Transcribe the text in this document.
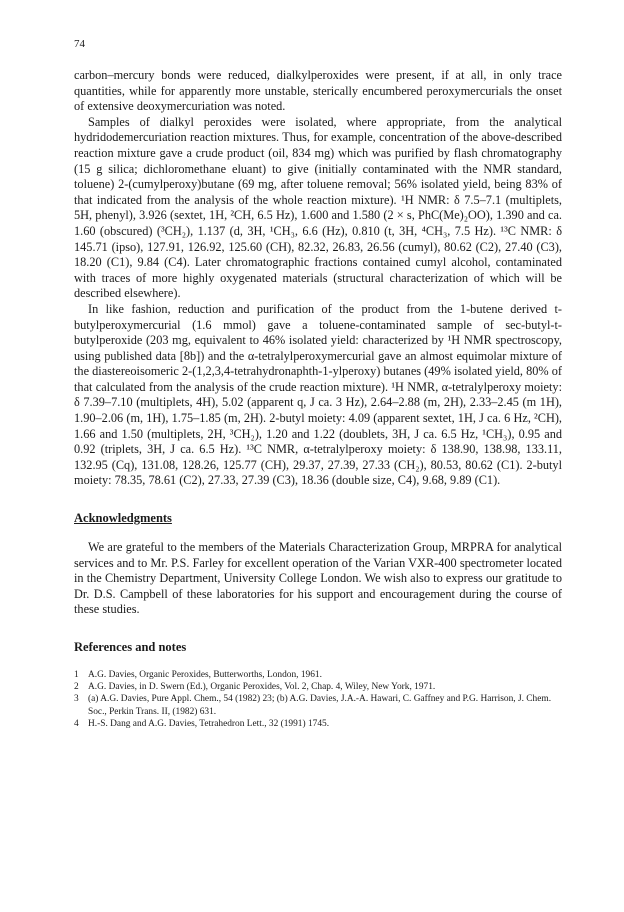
74

carbon–mercury bonds were reduced, dialkylperoxides were present, if at all, in only trace quantities, while for apparently more unstable, sterically encumbered peroxymercurials the onset of extensive deoxymercuriation was noted.

Samples of dialkyl peroxides were isolated, where appropriate, from the analytical hydridodemercuriation reaction mixtures. Thus, for example, concentration of the above-described reaction mixture gave a crude product (oil, 834 mg) which was purified by flash chromatography (15 g silica; dichloromethane eluant) to give (initially contaminated with the NMR standard, toluene) 2-(cumylperoxy)butane (69 mg, after toluene removal; 56% isolated yield, being 83% of that indicated from the analysis of the whole reaction mixture). ¹H NMR: δ 7.5–7.1 (multiplets, 5H, phenyl), 3.926 (sextet, 1H, ²CH, 6.5 Hz), 1.600 and 1.580 (2 × s, PhC(Me)₂OO), 1.390 and ca. 1.60 (obscured) (³CH₂), 1.137 (d, 3H, ¹CH₃, 6.6 (Hz), 0.810 (t, 3H, ⁴CH₃, 7.5 Hz). ¹³C NMR: δ 145.71 (ipso), 127.91, 126.92, 125.60 (CH), 82.32, 26.83, 26.56 (cumyl), 80.62 (C2), 27.40 (C3), 18.20 (C1), 9.84 (C4). Later chromatographic fractions contained cumyl alcohol, contaminated with traces of more highly oxygenated materials (structural characterization of which will be described elsewhere).

In like fashion, reduction and purification of the product from the 1-butene derived t-butylperoxymercurial (1.6 mmol) gave a toluene-contaminated sample of sec-butyl-t-butylperoxide (203 mg, equivalent to 46% isolated yield: characterized by ¹H NMR spectroscopy, using published data [8b]) and the α-tetralylperoxymercurial gave an almost equimolar mixture of the diastereoisomeric 2-(1,2,3,4-tetrahydronaphth-1-ylperoxy) butanes (49% isolated yield, 80% of that calculated from the analysis of the crude reaction mixture). ¹H NMR, α-tetralylperoxy moiety: δ 7.39–7.10 (multiplets, 4H), 5.02 (apparent q, J ca. 3 Hz), 2.64–2.88 (m, 2H), 2.33–2.45 (m 1H), 1.90–2.06 (m, 1H), 1.75–1.85 (m, 2H). 2-butyl moiety: 4.09 (apparent sextet, 1H, J ca. 6 Hz, ²CH), 1.66 and 1.50 (multiplets, 2H, ³CH₂), 1.20 and 1.22 (doublets, 3H, J ca. 6.5 Hz, ¹CH₃), 0.95 and 0.92 (triplets, 3H, J ca. 6.5 Hz). ¹³C NMR, α-tetralylperoxy moiety: δ 138.90, 138.98, 133.11, 132.95 (Cq), 131.08, 128.26, 125.77 (CH), 29.37, 27.39, 27.33 (CH₂), 80.53, 80.62 (C1). 2-butyl moiety: 78.35, 78.61 (C2), 27.33, 27.39 (C3), 18.36 (double size, C4), 9.68, 9.89 (C1).

Acknowledgments

We are grateful to the members of the Materials Characterization Group, MRPRA for analytical services and to Mr. P.S. Farley for excellent operation of the Varian VXR-400 spectrometer located in the Chemistry Department, University College London. We wish also to express our gratitude to Dr. D.S. Campbell of these laboratories for his support and encouragement during the course of these studies.

References and notes
1 A.G. Davies, Organic Peroxides, Butterworths, London, 1961.
2 A.G. Davies, in D. Swern (Ed.), Organic Peroxides, Vol. 2, Chap. 4, Wiley, New York, 1971.
3 (a) A.G. Davies, Pure Appl. Chem., 54 (1982) 23; (b) A.G. Davies, J.A.-A. Hawari, C. Gaffney and P.G. Harrison, J. Chem. Soc., Perkin Trans. II, (1982) 631.
4 H.-S. Dang and A.G. Davies, Tetrahedron Lett., 32 (1991) 1745.
